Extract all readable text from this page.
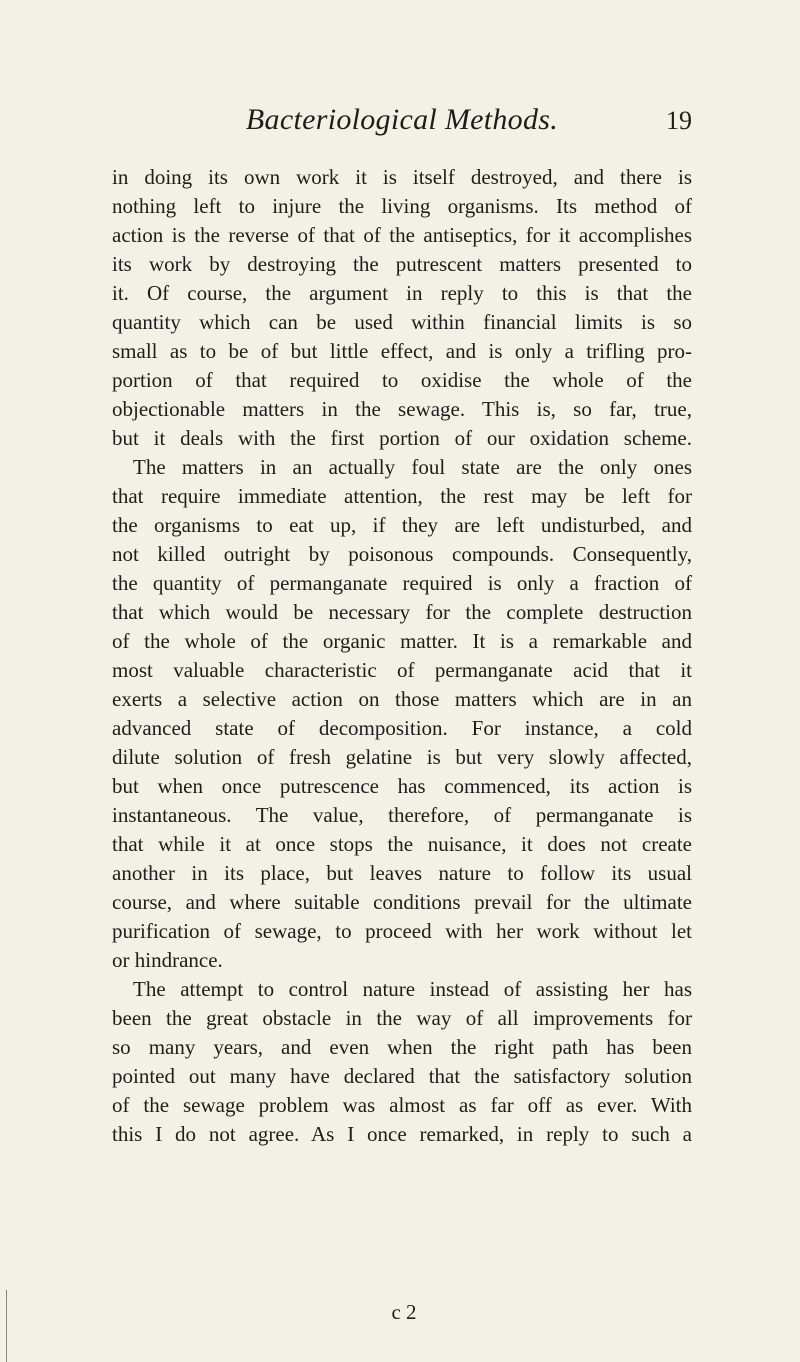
Bacteriological Methods.	19
in doing its own work it is itself destroyed, and there is
nothing left to injure the living organisms. Its method of
action is the reverse of that of the antiseptics, for it accomplishes
its work by destroying the putrescent matters presented to
it. Of course, the argument in reply to this is that the
quantity which can be used within financial limits is so
small as to be of but little effect, and is only a trifling pro-
portion of that required to oxidise the whole of the
objectionable matters in the sewage. This is, so far, true,
but it deals with the first portion of our oxidation scheme.
The matters in an actually foul state are the only ones
that require immediate attention, the rest may be left for
the organisms to eat up, if they are left undisturbed, and
not killed outright by poisonous compounds. Consequently,
the quantity of permanganate required is only a fraction of
that which would be necessary for the complete destruction
of the whole of the organic matter. It is a remarkable and
most valuable characteristic of permanganate acid that it
exerts a selective action on those matters which are in an
advanced state of decomposition. For instance, a cold
dilute solution of fresh gelatine is but very slowly affected,
but when once putrescence has commenced, its action is
instantaneous. The value, therefore, of permanganate is
that while it at once stops the nuisance, it does not create
another in its place, but leaves nature to follow its usual
course, and where suitable conditions prevail for the ultimate
purification of sewage, to proceed with her work without let
or hindrance.
The attempt to control nature instead of assisting her has
been the great obstacle in the way of all improvements for
so many years, and even when the right path has been
pointed out many have declared that the satisfactory solution
of the sewage problem was almost as far off as ever. With
this I do not agree. As I once remarked, in reply to such a
c 2
